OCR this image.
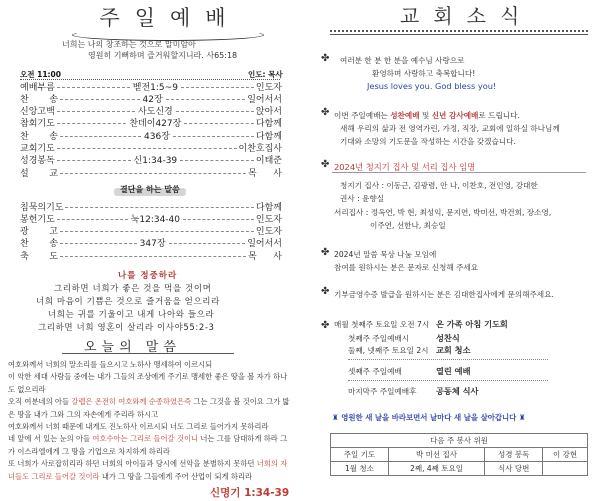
주일예배
너희는 나의 창조하는 것으로 말미암아
영원히 기뻐하며 즐거워할지니라. 사65:18
오전 11:00	인도: 목사
예배부름	벧전1:5~9	인도자
찬 송	42장	일어서서
신앙고백	사도신경	앉아서
참회기도	찬데이427장	다함께
찬 송	436장	다함께
교회기도	이찬호집사
성경봉독	신1:34-39	이태준
설 교	목 사
결단을 하는 말씀
침묵의기도	다함께
봉헌기도	눅12:34-40	인도자
광 고	인도자
찬 송	347장	일어서서
축 도	목 사
나를 정중하라
그리하면 너희가 좋은 것을 먹을 것이며
너희 마음이 기쁨은 것으로 즐거움을 얻으리라
너희는 귀를 기울이고 내게 나아와 들으라
그리하면 너희 영혼이 살리라 이사야55:2-3
오늘의 말씀
여호와께서 너희의 말소리를 들으시고 노하사 맹세하여 이르시되
이 악한 세대 사람들 중에는 내가 그들의 조상에게 주기로 맹세한 좋은 땅을 볼 자가 하나도 없으리라
오직 여분네의 아들 갈렙은 온전히 여호와께 순종하였은즉 그는 그것을 볼 것이요 그가 밟은 땅을 내가 그와 그의 자손에게 주리라 하시고
여호와께서 너희 때문에 내게도 진노하사 이르시되 너도 그리로 들어가지 못하리라
네 앞에 서 있는 눈의 아들 여호수아는 그리로 들어갈 것이니 너는 그를 담대하게 하라 그가 이스라엘에게 그 땅을 기업으로 차지하게 하리라
또 너희가 사로잡히리라 하던 너희의 아이들과 당시에 선악을 분별하지 못하던 너희의 자녀들도 그리로 들어갈 것이라 내가 그 땅을 그들에게 주어 산업이 되게 하리라
신명기 1:34-39
교회소식
✤ 여러분 한 분 한 분을 예수님 사랑으로
환영하며 사랑하고 축복합니다!
Jesus loves you. God bless you!
✤ 이번 주일예배는 성찬예배 및 신년 감사예배로 드립니다.
새해 우리의 삶과 전 영역가린, 가정, 직장, 교회에 일하실 하나님께
기대와 소망의 기도문을 작성하는 시간을 갖겠습니다.
✤ 2024년 청지기 집사 및 서리 집사 임명
청지기 집사 : 이동근, 김광렴, 안 나, 이찬호, 전인영, 강대한
권사 : 윤향실
서리집사 : 정옥연, 박 현, 최성익, 문지연, 박미선, 박건희, 장소영,
이주연, 선한나, 최승일
✤ 2024년 말씀 묵상 나눔 모임에
참여를 원하시는 분은 문자로 신청해 주세요
✤ 기부금영수증 발급을 원하시는 분은 김대한집사에게 문의해주세요.
✤ 매월 첫째주 토요일 오전 7시 온 가족 아침 기도회
첫째주 주일예배시	성찬식
둘째, 넷째주 토요일 2시 교회 청소
셋째주 주일예배	열린 예배
마지막주 주일예배후 공동체 식사
♜ 영원한 새 날을 바라보면서 날마다 새 날을 살아갑니다 ♜
다음 주 봉사 위원			
주일 기도	박 미선 집사	성경 봉독	이 강현
1월 청소	2째, 4째 토요일	식사 당번	
